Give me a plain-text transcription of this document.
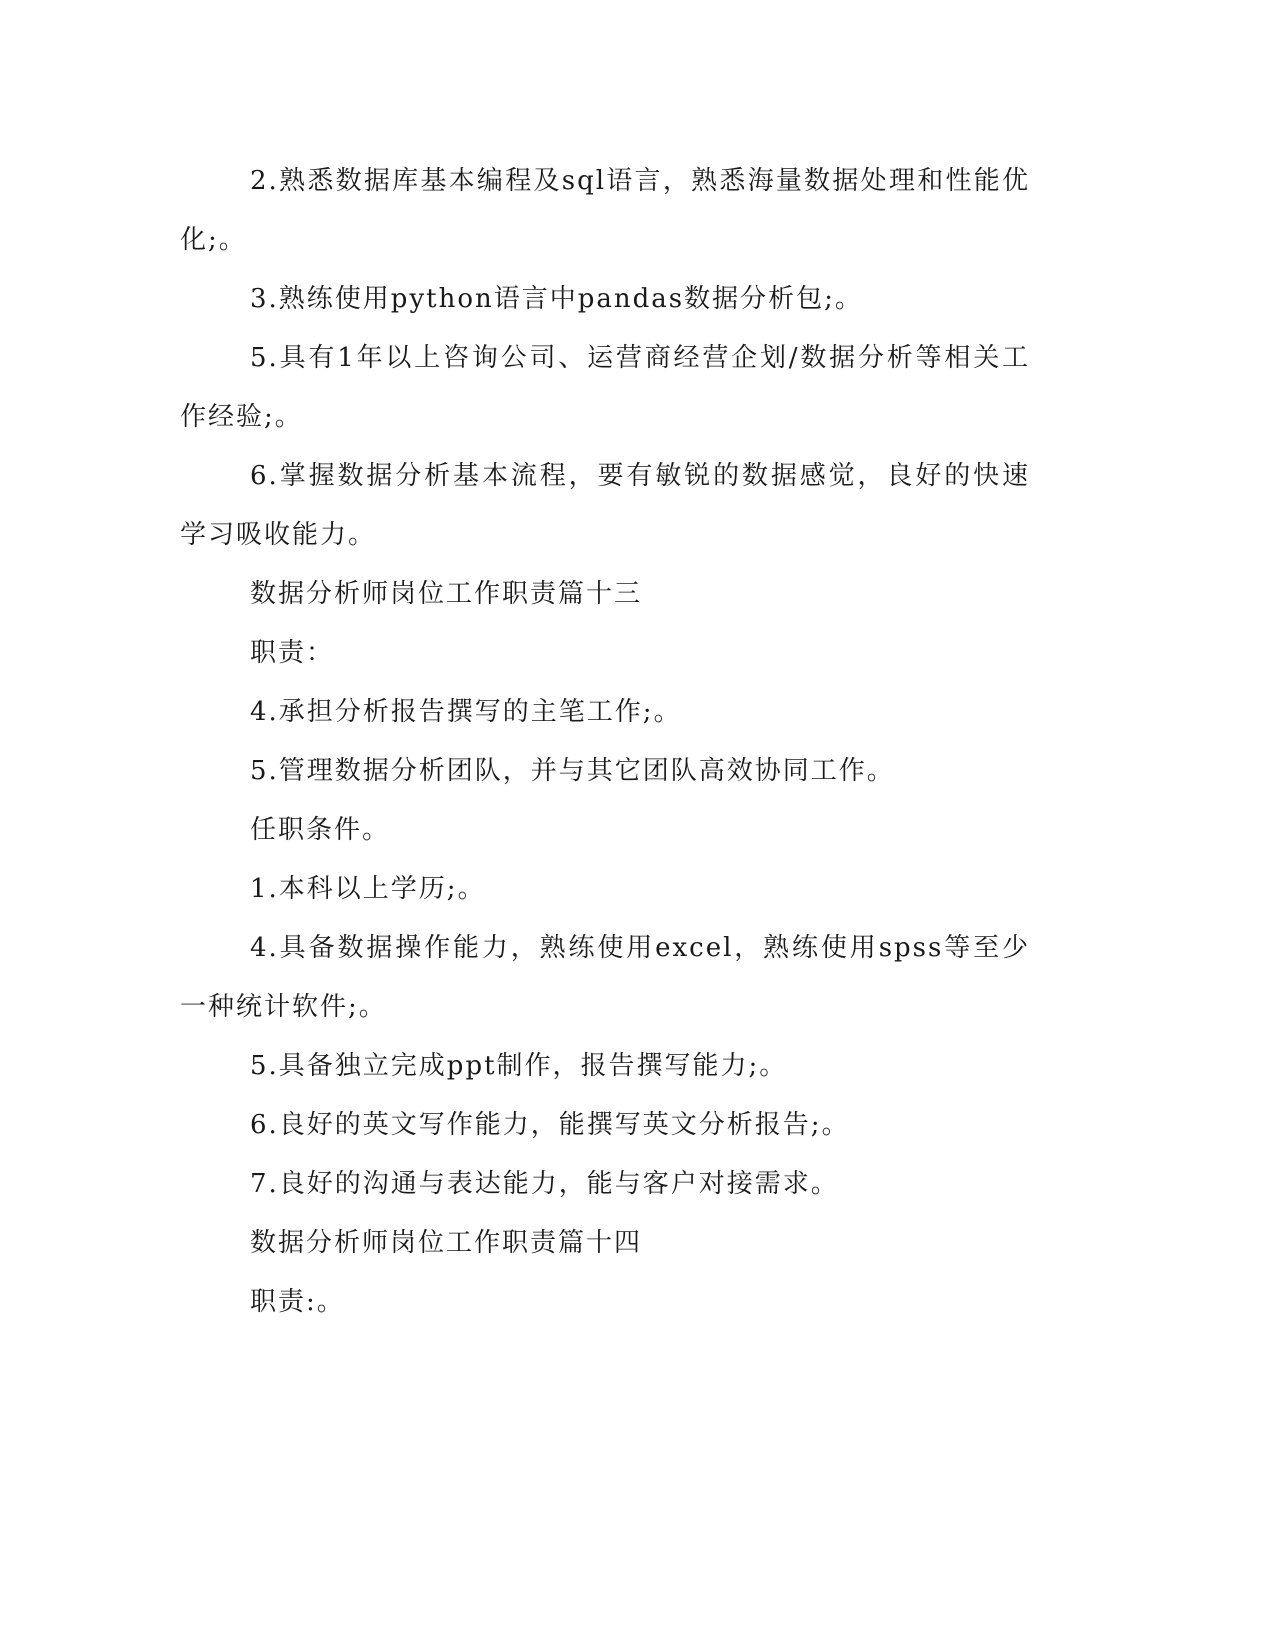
2.熟悉数据库基本编程及sql语言，熟悉海量数据处理和性能优化;。

3.熟练使用python语言中pandas数据分析包;。

5.具有1年以上咨询公司、运营商经营企划/数据分析等相关工作经验;。

6.掌握数据分析基本流程，要有敏锐的数据感觉，良好的快速学习吸收能力。

数据分析师岗位工作职责篇十三

职责：

4.承担分析报告撰写的主笔工作;。

5.管理数据分析团队，并与其它团队高效协同工作。

任职条件。

1.本科以上学历;。

4.具备数据操作能力，熟练使用excel，熟练使用spss等至少一种统计软件;。

5.具备独立完成ppt制作，报告撰写能力;。

6.良好的英文写作能力，能撰写英文分析报告;。

7.良好的沟通与表达能力，能与客户对接需求。

数据分析师岗位工作职责篇十四

职责:。
